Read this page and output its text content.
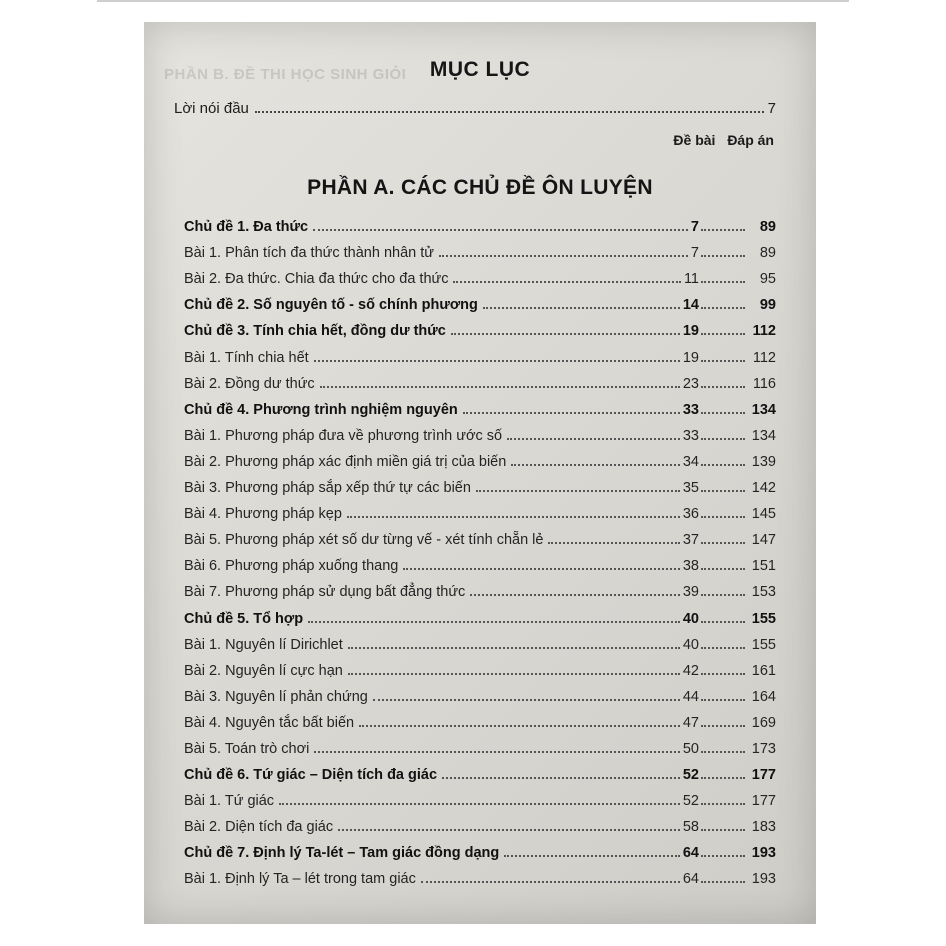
PHẦN B. ĐỀ THI HỌC SINH GIỎI	MỤC LỤC
Lời nói đầu	7
Đề bài Đáp án
PHẦN A. CÁC CHỦ ĐỀ ÔN LUYỆN
Chủ đề 1. Đa thức	7	89
Bài 1. Phân tích đa thức thành nhân tử	7	89
Bài 2. Đa thức. Chia đa thức cho đa thức	11	95
Chủ đề 2. Số nguyên tố - số chính phương	14	99
Chủ đề 3. Tính chia hết, đồng dư thức	19	112
Bài 1. Tính chia hết	19	112
Bài 2. Đồng dư thức	23	116
Chủ đề 4. Phương trình nghiệm nguyên	33	134
Bài 1. Phương pháp đưa về phương trình ước số	33	134
Bài 2. Phương pháp xác định miền giá trị của biến	34	139
Bài 3. Phương pháp sắp xếp thứ tự các biến	35	142
Bài 4. Phương pháp kẹp	36	145
Bài 5. Phương pháp xét số dư từng vế - xét tính chẵn lẻ	37	147
Bài 6. Phương pháp xuống thang	38	151
Bài 7. Phương pháp sử dụng bất đẳng thức	39	153
Chủ đề 5. Tổ hợp	40	155
Bài 1. Nguyên lí Dirichlet	40	155
Bài 2. Nguyên lí cực hạn	42	161
Bài 3. Nguyên lí phản chứng	44	164
Bài 4. Nguyên tắc bất biến	47	169
Bài 5. Toán trò chơi	50	173
Chủ đề 6. Tứ giác – Diện tích đa giác	52	177
Bài 1. Tứ giác	52	177
Bài 2. Diện tích đa giác	58	183
Chủ đề 7. Định lý Ta-lét – Tam giác đồng dạng	64	193
Bài 1. Định lý Ta – lét trong tam giác	64	193
